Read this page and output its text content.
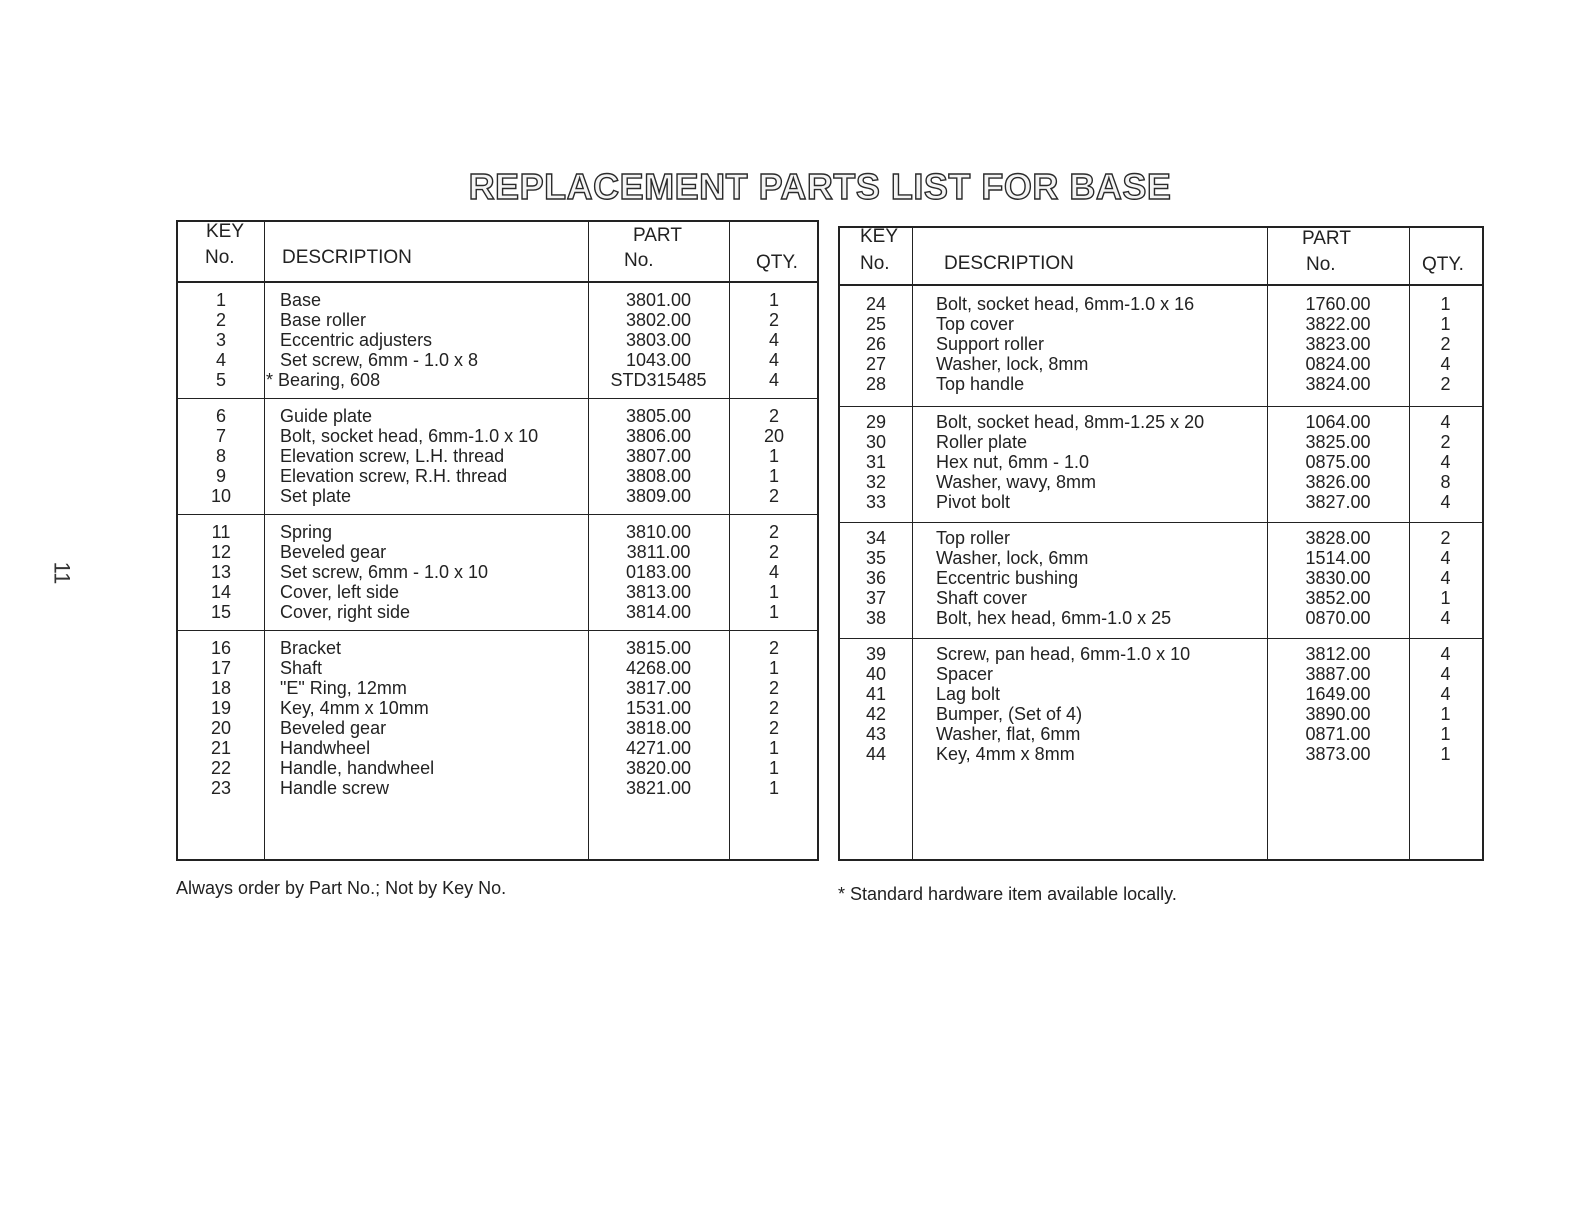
11
REPLACEMENT PARTS LIST FOR BASE
KEY
No. DESCRIPTION
PART
No.	QTY.
1	Base	3801.00	1
2	Base roller	3802.00	2
3	Eccentric adjusters	3803.00	4
4	Set screw, 6mm - 1.0 x 8	1043.00	4
5	* Bearing, 608	STD315485	4
6	Guide plate	3805.00	2
7	Bolt, socket head, 6mm-1.0 x 10	3806.00	20
8	Elevation screw, L.H. thread	3807.00	1
9	Elevation screw, R.H. thread	3808.00	1
10	Set plate	3809.00	2
11	Spring	3810.00	2
12	Beveled gear	3811.00	2
13	Set screw, 6mm - 1.0 x 10	0183.00	4
14	Cover, left side	3813.00	1
15	Cover, right side	3814.00	1
16	Bracket	3815.00	2
17	Shaft	4268.00	1
18	"E" Ring, 12mm	3817.00	2
19	Key, 4mm x 10mm	1531.00	2
20	Beveled gear	3818.00	2
21	Handwheel	4271.00	1
22	Handle, handwheel	3820.00	1
23	Handle screw	3821.00	1
KEY
No.	DESCRIPTION
PART
No.	QTY.
24	Bolt, socket head, 6mm-1.0 x 16	1760.00	1
25	Top cover	3822.00	1
26	Support roller	3823.00	2
27	Washer, lock, 8mm	0824.00	4
28	Top handle	3824.00	2
29	Bolt, socket head, 8mm-1.25 x 20	1064.00	4
30	Roller plate	3825.00	2
31	Hex nut, 6mm - 1.0	0875.00	4
32	Washer, wavy, 8mm	3826.00	8
33	Pivot bolt	3827.00	4
34	Top roller	3828.00	2
35	Washer, lock, 6mm	1514.00	4
36	Eccentric bushing	3830.00	4
37	Shaft cover	3852.00	1
38	Bolt, hex head, 6mm-1.0 x 25	0870.00	4
39	Screw, pan head, 6mm-1.0 x 10	3812.00	4
40	Spacer	3887.00	4
41	Lag bolt	1649.00	4
42	Bumper, (Set of 4)	3890.00	1
43	Washer, flat, 6mm	0871.00	1
44	Key, 4mm x 8mm	3873.00	1
Always order by Part No.; Not by Key No.	* Standard hardware item available locally.
